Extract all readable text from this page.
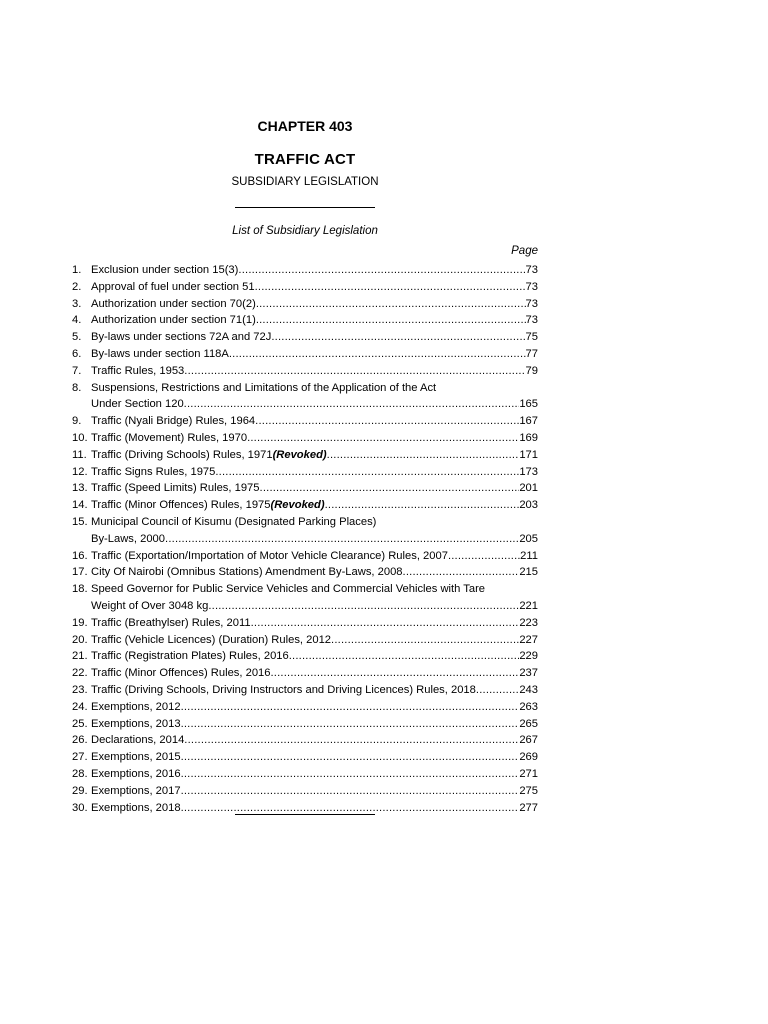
CHAPTER 403
TRAFFIC ACT
SUBSIDIARY LEGISLATION
List of Subsidiary Legislation
Page
1. Exclusion under section 15(3) .....	73
2. Approval of fuel under section 51 .....	73
3. Authorization under section 70(2) .....	73
4. Authorization under section 71(1) .....	73
5. By-laws under sections 72A and 72J .....	75
6. By-laws under section 118A .....	77
7. Traffic Rules, 1953 .....	79
8. Suspensions, Restrictions and Limitations of the Application of the Act
Under Section 120 .....	165
9. Traffic (Nyali Bridge) Rules, 1964 .....	167
10. Traffic (Movement) Rules, 1970 .....	169
11. Traffic (Driving Schools) Rules, 1971 (Revoked) .....	171
12. Traffic Signs Rules, 1975 .....	173
13. Traffic (Speed Limits) Rules, 1975 .....	201
14. Traffic (Minor Offences) Rules, 1975 (Revoked) .....	203
15. Municipal Council of Kisumu (Designated Parking Places)
By-Laws, 2000 .....	205
16. Traffic (Exportation/Importation of Motor Vehicle Clearance) Rules, 2007 .....	211
17. City Of Nairobi (Omnibus Stations) Amendment By-Laws, 2008 .....	215
18. Speed Governor for Public Service Vehicles and Commercial Vehicles with Tare
Weight of Over 3048 kg .....	221
19. Traffic (Breathylser) Rules, 2011 .....	223
20. Traffic (Vehicle Licences) (Duration) Rules, 2012 .....	227
21. Traffic (Registration Plates) Rules, 2016 .....	229
22. Traffic (Minor Offences) Rules, 2016 .....	237
23. Traffic (Driving Schools, Driving Instructors and Driving Licences) Rules, 2018 .....	243
24. Exemptions, 2012 .....	263
25. Exemptions, 2013 .....	265
26. Declarations, 2014 .....	267
27. Exemptions, 2015 .....	269
28. Exemptions, 2016 .....	271
29. Exemptions, 2017 .....	275
30. Exemptions, 2018 .....	277
